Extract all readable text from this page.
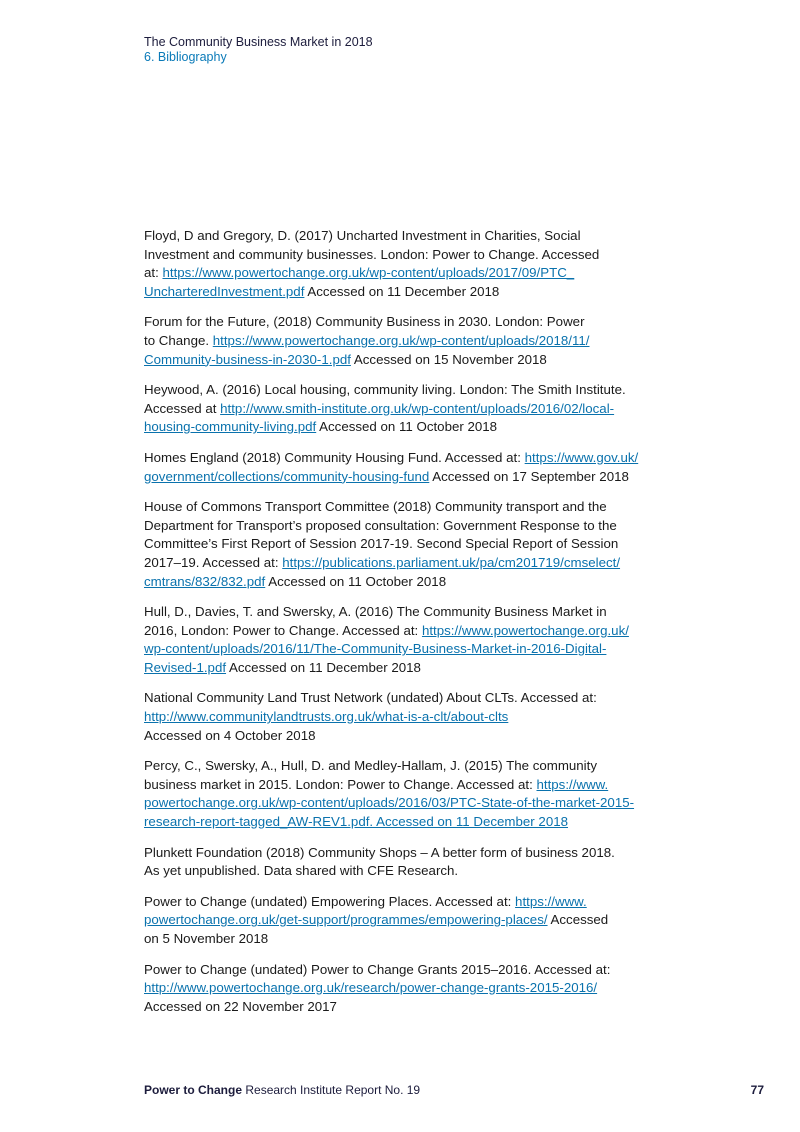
The Community Business Market in 2018
6. Bibliography

Floyd, D and Gregory, D. (2017) Uncharted Investment in Charities, Social
Investment and community businesses. London: Power to Change. Accessed
at: https://www.powertochange.org.uk/wp-content/uploads/2017/09/PTC_
UncharteredInvestment.pdf Accessed on 11 December 2018

Forum for the Future, (2018) Community Business in 2030. London: Power
to Change. https://www.powertochange.org.uk/wp-content/uploads/2018/11/
Community-business-in-2030-1.pdf Accessed on 15 November 2018

Heywood, A. (2016) Local housing, community living. London: The Smith Institute.
Accessed at http://www.smith-institute.org.uk/wp-content/uploads/2016/02/local-
housing-community-living.pdf Accessed on 11 October 2018

Homes England (2018) Community Housing Fund. Accessed at: https://www.gov.uk/
government/collections/community-housing-fund Accessed on 17 September 2018

House of Commons Transport Committee (2018) Community transport and the
Department for Transport’s proposed consultation: Government Response to the
Committee’s First Report of Session 2017-19. Second Special Report of Session
2017–19. Accessed at: https://publications.parliament.uk/pa/cm201719/cmselect/
cmtrans/832/832.pdf Accessed on 11 October 2018

Hull, D., Davies, T. and Swersky, A. (2016) The Community Business Market in
2016, London: Power to Change. Accessed at: https://www.powertochange.org.uk/
wp-content/uploads/2016/11/The-Community-Business-Market-in-2016-Digital-
Revised-1.pdf Accessed on 11 December 2018

National Community Land Trust Network (undated) About CLTs. Accessed at:
http://www.communitylandtrusts.org.uk/what-is-a-clt/about-clts
Accessed on 4 October 2018

Percy, C., Swersky, A., Hull, D. and Medley-Hallam, J. (2015) The community
business market in 2015. London: Power to Change. Accessed at: https://www.
powertochange.org.uk/wp-content/uploads/2016/03/PTC-State-of-the-market-2015-
research-report-tagged_AW-REV1.pdf. Accessed on 11 December 2018

Plunkett Foundation (2018) Community Shops – A better form of business 2018.
As yet unpublished. Data shared with CFE Research.

Power to Change (undated) Empowering Places. Accessed at: https://www.
powertochange.org.uk/get-support/programmes/empowering-places/ Accessed
on 5 November 2018

Power to Change (undated) Power to Change Grants 2015–2016. Accessed at:
http://www.powertochange.org.uk/research/power-change-grants-2015-2016/
Accessed on 22 November 2017

Power to Change Research Institute Report No. 19	77
